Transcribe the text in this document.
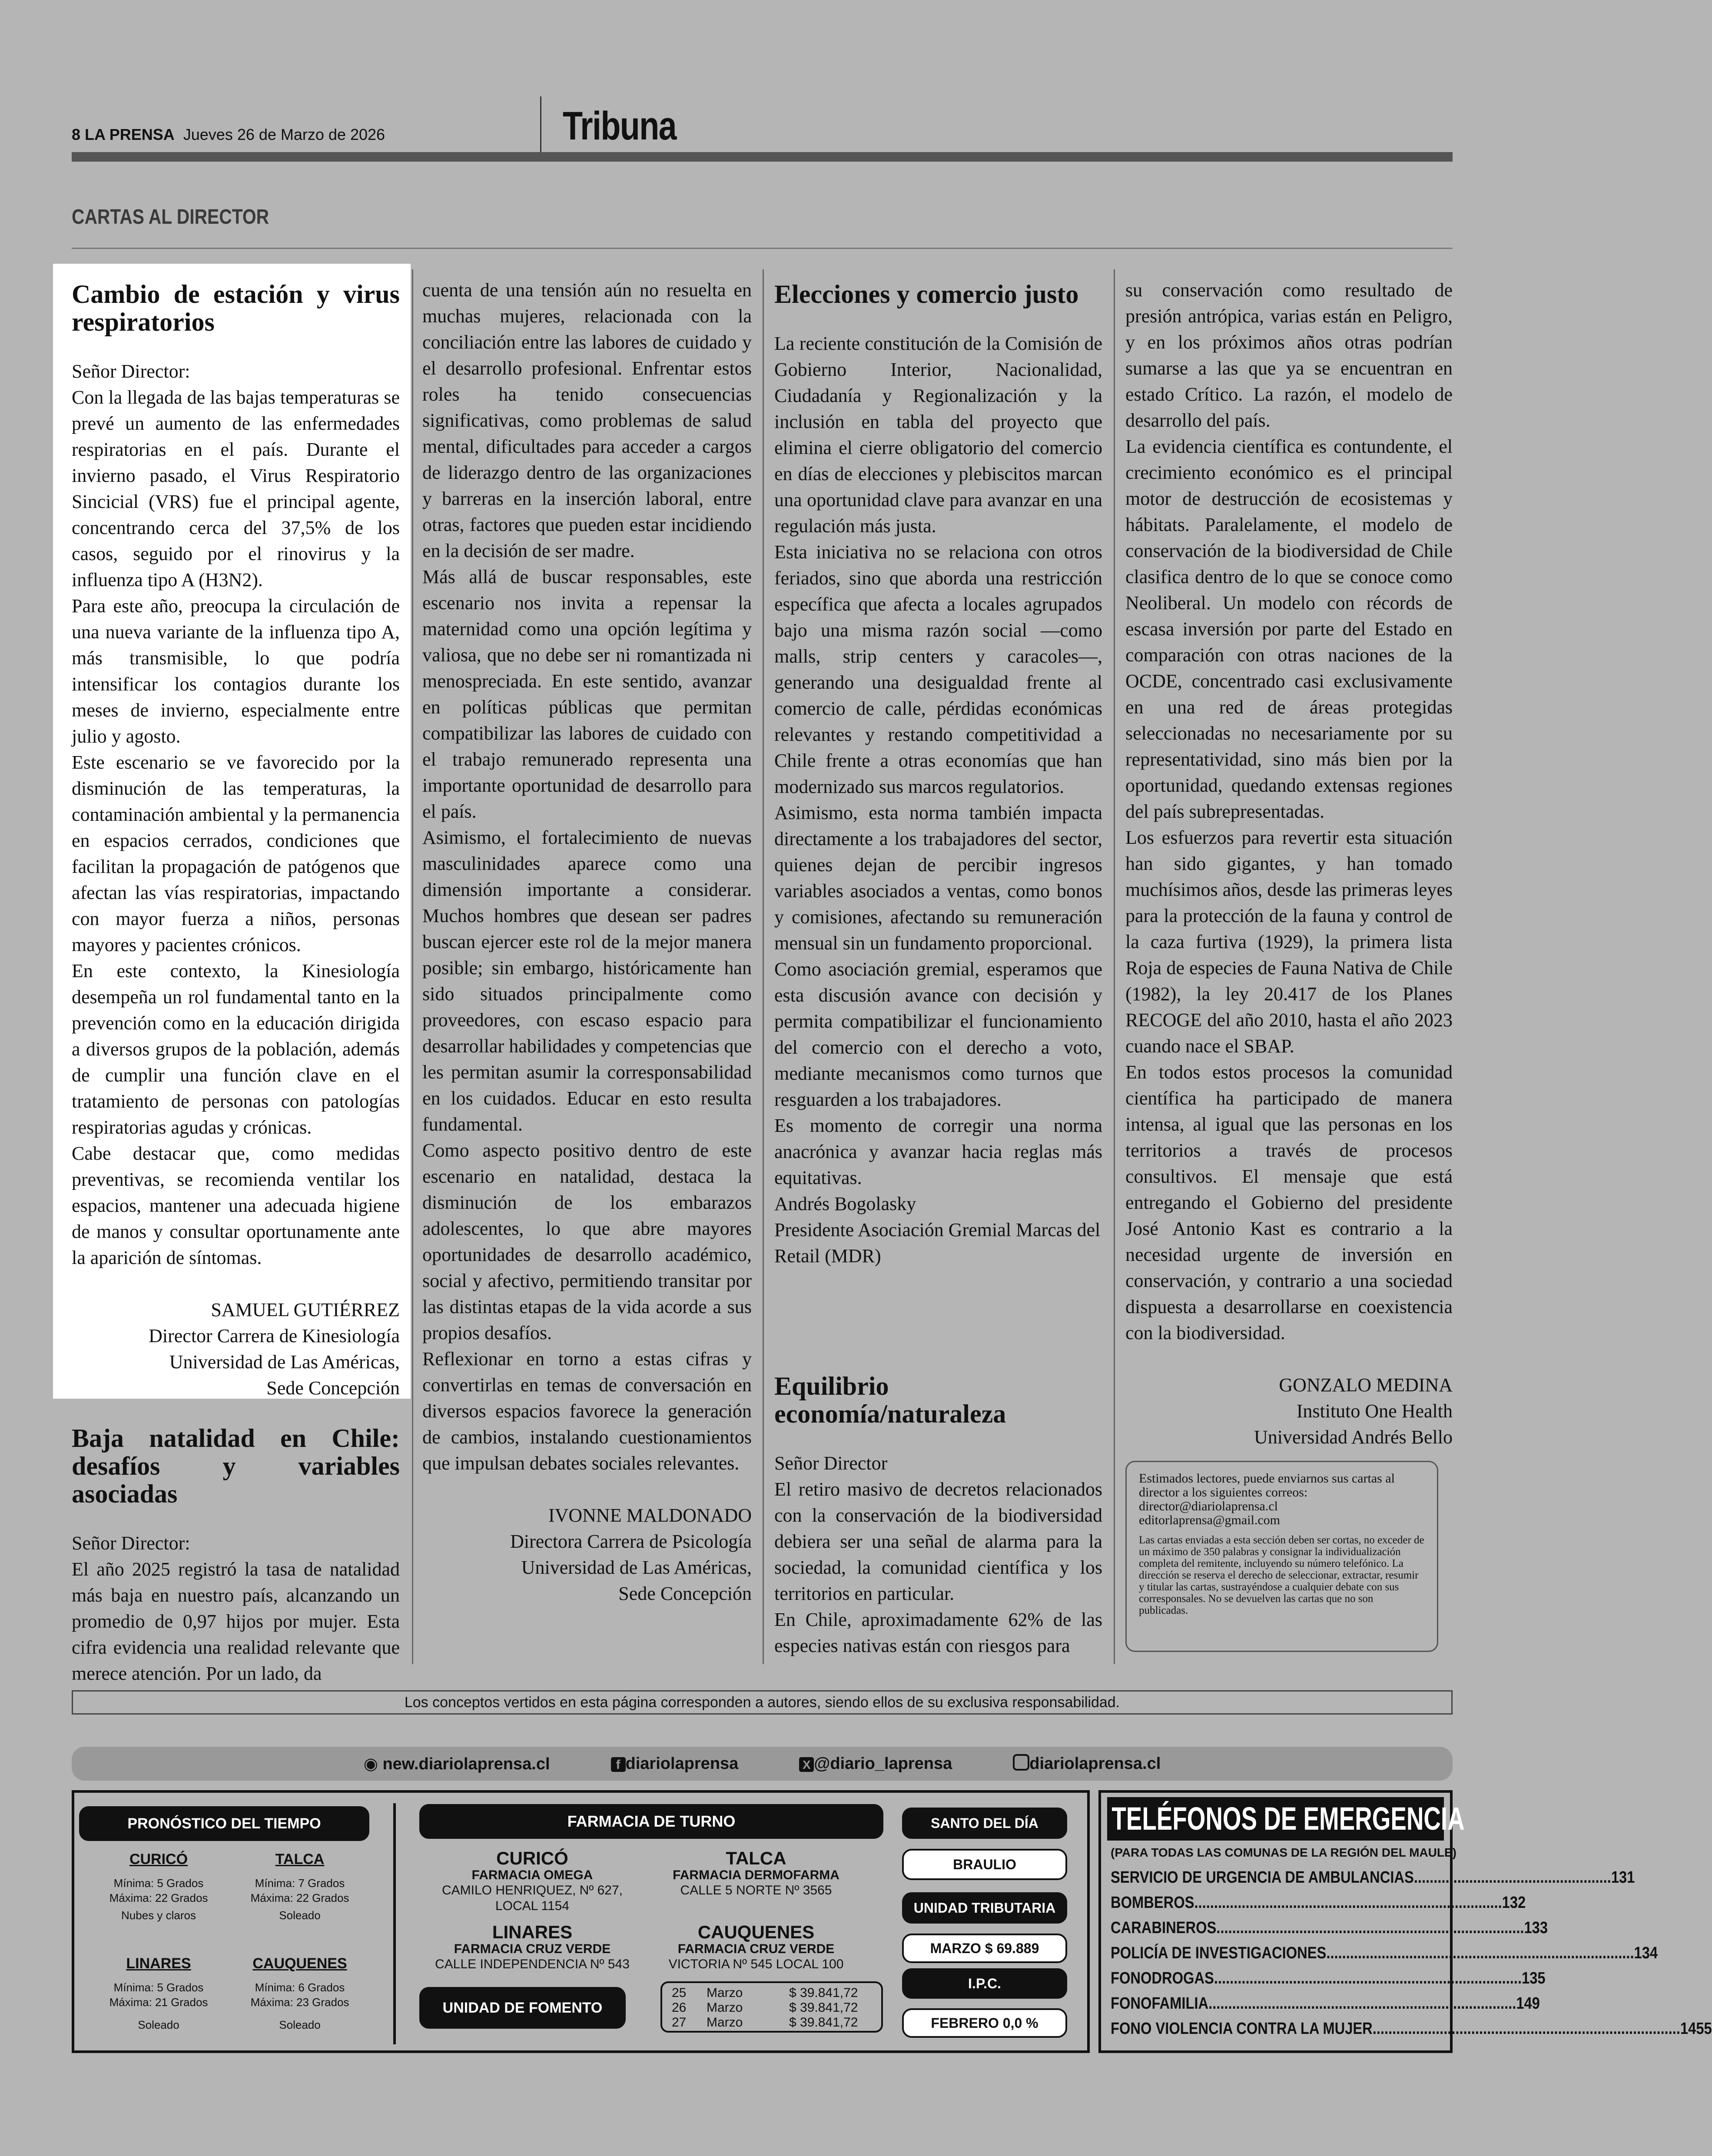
8 LA PRENSA Jueves 26 de Marzo de 2026	Tribuna
CARTAS AL DIRECTOR
Cambio de estación y virus respiratorios

Señor Director:

Con la llegada de las bajas temperaturas se prevé un aumento de las enfermedades respiratorias en el país. Durante el invierno pasado, el Virus Respiratorio Sincicial (VRS) fue el principal agente, concentrando cerca del 37,5% de los casos, seguido por el rinovirus y la influenza tipo A (H3N2).

Para este año, preocupa la circulación de una nueva variante de la influenza tipo A, más transmisible, lo que podría intensificar los contagios durante los meses de invierno, especialmente entre julio y agosto.

Este escenario se ve favorecido por la disminución de las temperaturas, la contaminación ambiental y la permanencia en espacios cerrados, condiciones que facilitan la propagación de patógenos que afectan las vías respiratorias, impactando con mayor fuerza a niños, personas mayores y pacientes crónicos.

En este contexto, la Kinesiología desempeña un rol fundamental tanto en la prevención como en la educación dirigida a diversos grupos de la población, además de cumplir una función clave en el tratamiento de personas con patologías respiratorias agudas y crónicas.

Cabe destacar que, como medidas preventivas, se recomienda ventilar los espacios, mantener una adecuada higiene de manos y consultar oportunamente ante la aparición de síntomas.

SAMUEL GUTIÉRREZ

Director Carrera de Kinesiología Universidad de Las Américas,

Sede Concepción

Baja natalidad en Chile: desafíos y variables asociadas

Señor Director:

El año 2025 registró la tasa de natalidad más baja en nuestro país, alcanzando un promedio de 0,97 hijos por mujer. Esta cifra evidencia una realidad relevante que merece atención. Por un lado, da

cuenta de una tensión aún no resuelta en muchas mujeres, relacionada con la conciliación entre las labores de cuidado y el desarrollo profesional. Enfrentar estos roles ha tenido consecuencias significativas, como problemas de salud mental, dificultades para acceder a cargos de liderazgo dentro de las organizaciones y barreras en la inserción laboral, entre otras, factores que pueden estar incidiendo en la decisión de ser madre.

Más allá de buscar responsables, este escenario nos invita a repensar la maternidad como una opción legítima y valiosa, que no debe ser ni romantizada ni menospreciada. En este sentido, avanzar en políticas públicas que permitan compatibilizar las labores de cuidado con el trabajo remunerado representa una importante oportunidad de desarrollo para el país.

Asimismo, el fortalecimiento de nuevas masculinidades aparece como una dimensión importante a considerar. Muchos hombres que desean ser padres buscan ejercer este rol de la mejor manera posible; sin embargo, históricamente han sido situados principalmente como proveedores, con escaso espacio para desarrollar habilidades y competencias que les permitan asumir la corresponsabilidad en los cuidados. Educar en esto resulta fundamental.

Como aspecto positivo dentro de este escenario en natalidad, destaca la disminución de los embarazos adolescentes, lo que abre mayores oportunidades de desarrollo académico, social y afectivo, permitiendo transitar por las distintas etapas de la vida acorde a sus propios desafíos.

Reflexionar en torno a estas cifras y convertirlas en temas de conversación en diversos espacios favorece la generación de cambios, instalando cuestionamientos que impulsan debates sociales relevantes.

IVONNE MALDONADO

Directora Carrera de Psicología Universidad de Las Américas,

Sede Concepción

Elecciones y comercio justo

La reciente constitución de la Comisión de Gobierno Interior, Nacionalidad, Ciudadanía y Regionalización y la inclusión en tabla del proyecto que elimina el cierre obligatorio del comercio en días de elecciones y plebiscitos marcan una oportunidad clave para avanzar en una regulación más justa.

Esta iniciativa no se relaciona con otros feriados, sino que aborda una restricción específica que afecta a locales agrupados bajo una misma razón social —como malls, strip centers y caracoles—, generando una desigualdad frente al comercio de calle, pérdidas económicas relevantes y restando competitividad a Chile frente a otras economías que han modernizado sus marcos regulatorios.

Asimismo, esta norma también impacta directamente a los trabajadores del sector, quienes dejan de percibir ingresos variables asociados a ventas, como bonos y comisiones, afectando su remuneración mensual sin un fundamento proporcional.

Como asociación gremial, esperamos que esta discusión avance con decisión y permita compatibilizar el funcionamiento del comercio con el derecho a voto, mediante mecanismos como turnos que resguarden a los trabajadores.

Es momento de corregir una norma anacrónica y avanzar hacia reglas más equitativas.

Andrés Bogolasky

Presidente Asociación Gremial Marcas del Retail (MDR)

Equilibrio economía/naturaleza

Señor Director

El retiro masivo de decretos relacionados con la conservación de la biodiversidad debiera ser una señal de alarma para la sociedad, la comunidad científica y los territorios en particular.

En Chile, aproximadamente 62% de las especies nativas están con riesgos para

su conservación como resultado de presión antrópica, varias están en Peligro, y en los próximos años otras podrían sumarse a las que ya se encuentran en estado Crítico. La razón, el modelo de desarrollo del país.

La evidencia científica es contundente, el crecimiento económico es el principal motor de destrucción de ecosistemas y hábitats. Paralelamente, el modelo de conservación de la biodiversidad de Chile clasifica dentro de lo que se conoce como Neoliberal. Un modelo con récords de escasa inversión por parte del Estado en comparación con otras naciones de la OCDE, concentrado casi exclusivamente en una red de áreas protegidas seleccionadas no necesariamente por su representatividad, sino más bien por la oportunidad, quedando extensas regiones del país subrepresentadas.

Los esfuerzos para revertir esta situación han sido gigantes, y han tomado muchísimos años, desde las primeras leyes para la protección de la fauna y control de la caza furtiva (1929), la primera lista Roja de especies de Fauna Nativa de Chile (1982), la ley 20.417 de los Planes RECOGE del año 2010, hasta el año 2023 cuando nace el SBAP.

En todos estos procesos la comunidad científica ha participado de manera intensa, al igual que las personas en los territorios a través de procesos consultivos. El mensaje que está entregando el Gobierno del presidente José Antonio Kast es contrario a la necesidad urgente de inversión en conservación, y contrario a una sociedad dispuesta a desarrollarse en coexistencia con la biodiversidad.

GONZALO MEDINA

Instituto One Health

Universidad Andrés Bello

Estimados lectores, puede enviarnos sus cartas al director a los siguientes correos:
director@diariolaprensa.cl
editorlaprensa@gmail.com
Las cartas enviadas a esta sección deben ser cortas, no exceder de un máximo de 350 palabras y consignar la individualización completa del remitente, incluyendo su número telefónico. La dirección se reserva el derecho de seleccionar, extractar, resumir y titular las cartas, sustrayéndose a cualquier debate con sus corresponsales. No se devuelven las cartas que no son publicadas.
Los conceptos vertidos en esta página corresponden a autores, siendo ellos de su exclusiva responsabilidad.
◉ new.diariolaprensa.cl	f diariolaprensa	X @diario_laprensa	diariolaprensa.cl
PRONÓSTICO DEL TIEMPO
CURICÓ
Mínima: 5 Grados
Máxima: 22 Grados
Nubes y claros
TALCA
Mínima: 7 Grados
Máxima: 22 Grados
Soleado
LINARES
Mínima: 5 Grados
Máxima: 21 Grados
Soleado
CAUQUENES
Mínima: 6 Grados
Máxima: 23 Grados
Soleado
FARMACIA DE TURNO
CURICÓ
FARMACIA OMEGA
CAMILO HENRIQUEZ, Nº 627, LOCAL 1154
TALCA
FARMACIA DERMOFARMA
CALLE 5 NORTE Nº 3565
LINARES
FARMACIA CRUZ VERDE
CALLE INDEPENDENCIA Nº 543
CAUQUENES
FARMACIA CRUZ VERDE
VICTORIA Nº 545 LOCAL 100
UNIDAD DE FOMENTO
25	Marzo	$ 39.841,72
26	Marzo	$ 39.841,72
27	Marzo	$ 39.841,72
SANTO DEL DÍA
BRAULIO
UNIDAD TRIBUTARIA
MARZO $ 69.889
I.P.C.
FEBRERO 0,0 %
TELÉFONOS DE EMERGENCIA
(PARA TODAS LAS COMUNAS DE LA REGIÓN DEL MAULE)
SERVICIO DE URGENCIA DE AMBULANCIAS .................................................. 131
BOMBEROS .............................................................................. 132
CARABINEROS .............................................................................. 133
POLICÍA DE INVESTIGACIONES .............................................................................. 134
FONODROGAS .............................................................................. 135
FONOFAMILIA .............................................................................. 149
FONO VIOLENCIA CONTRA LA MUJER .............................................................................. 1455
